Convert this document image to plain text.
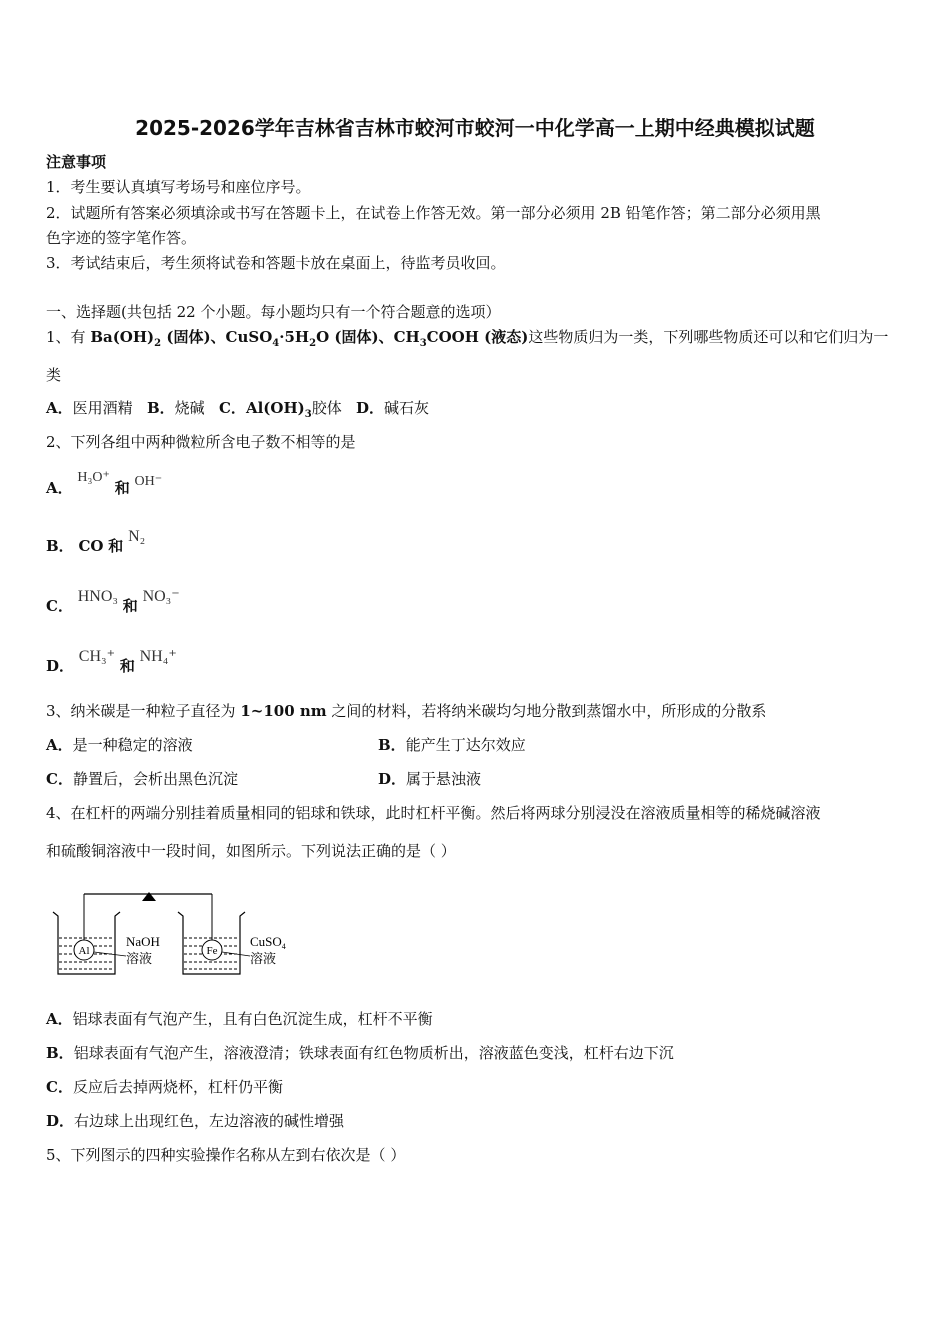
2025-2026学年吉林省吉林市蛟河市蛟河一中化学高一上期中经典模拟试题
注意事项
1．考生要认真填写考场号和座位序号。
2．试题所有答案必须填涂或书写在答题卡上，在试卷上作答无效。第一部分必须用 2B 铅笔作答；第二部分必须用黑
色字迹的签字笔作答。
3．考试结束后，考生须将试卷和答题卡放在桌面上，待监考员收回。
一、选择题(共包括 22 个小题。每小题均只有一个符合题意的选项）
1、有 $Ba(OH)_2$ (固体)、$CuSO_4\cdot 5H_2O$ (固体)、$CH_3COOH$ (液态)这些物质归为一类，下列哪些物质还可以和它们归为一
类
A．医用酒精 B．烧碱 C．$Al(OH)_3$胶体 D．碱石灰
2、下列各组中两种微粒所含电子数不相等的是
A． H₃O⁺ 和 OH⁻
B． CO 和 N₂
C． HNO₃ 和 NO₃⁻
D． CH₃⁺ 和 NH₄⁺
3、纳米碳是一种粒子直径为 1~100 nm 之间的材料，若将纳米碳均匀地分散到蒸馏水中，所形成的分散系
A．是一种稳定的溶液	B．能产生丁达尔效应
C．静置后，会析出黑色沉淀	D．属于悬浊液
4、在杠杆的两端分别挂着质量相同的铝球和铁球，此时杠杆平衡。然后将两球分别浸没在溶液质量相等的稀烧碱溶液
和硫酸铜溶液中一段时间，如图所示。下列说法正确的是（ ）
Al
NaOH
溶液	Fe
CuSO$_4$
溶液
A．铝球表面有气泡产生，且有白色沉淀生成，杠杆不平衡
B．铝球表面有气泡产生，溶液澄清；铁球表面有红色物质析出，溶液蓝色变浅，杠杆右边下沉
C．反应后去掉两烧杯，杠杆仍平衡
D．右边球上出现红色，左边溶液的碱性增强
5、下列图示的四种实验操作名称从左到右依次是（ ）
